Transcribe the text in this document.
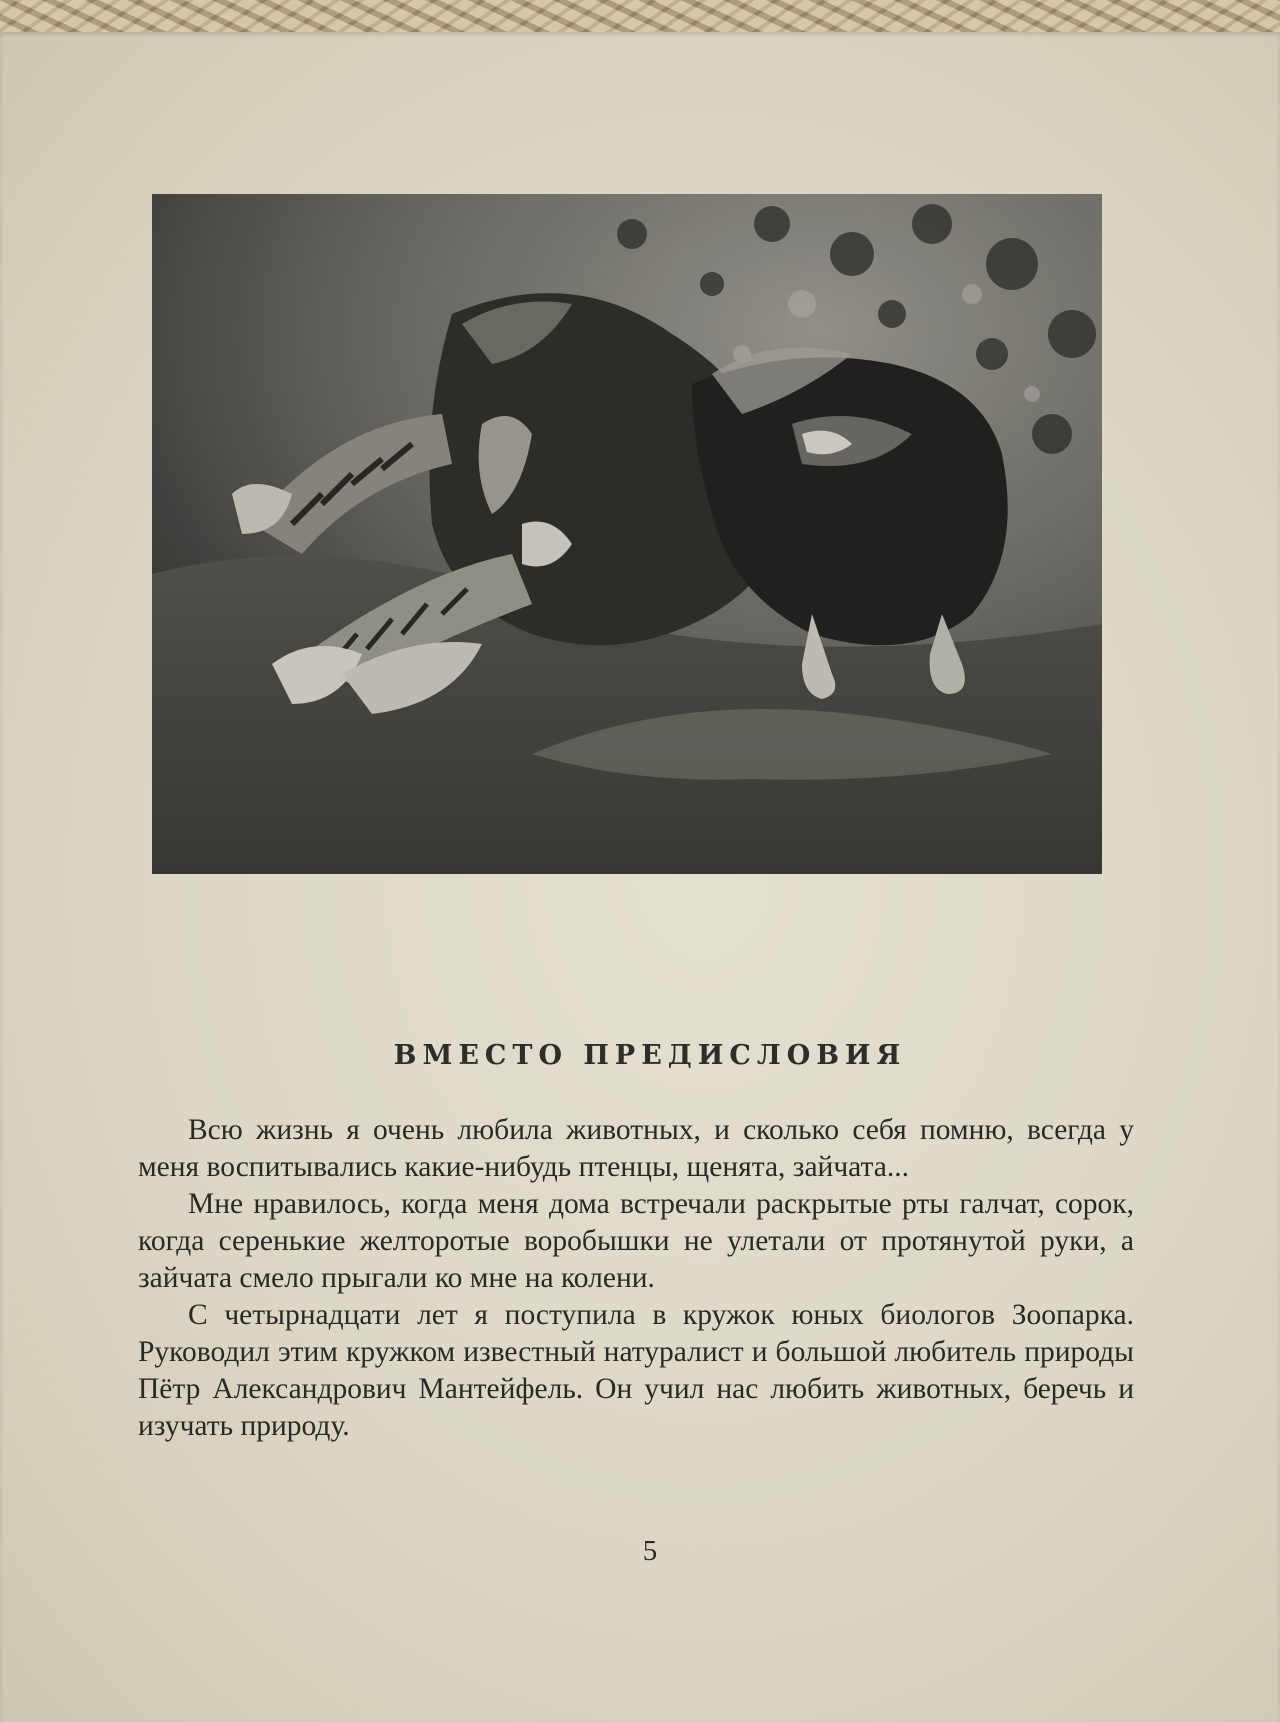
ВМЕСТО ПРЕДИСЛОВИЯ

Всю жизнь я очень любила животных, и сколько себя помню, всегда у меня воспитывались какие-нибудь птенцы, щенята, зайчата...

Мне нравилось, когда меня дома встречали раскрытые рты галчат, сорок, когда серенькие желторотые воробышки не улетали от протянутой руки, а зайчата смело прыгали ко мне на колени.

С четырнадцати лет я поступила в кружок юных биологов Зоопарка. Руководил этим кружком известный натуралист и большой любитель природы Пётр Александрович Мантейфель. Он учил нас любить животных, беречь и изучать природу.

5
